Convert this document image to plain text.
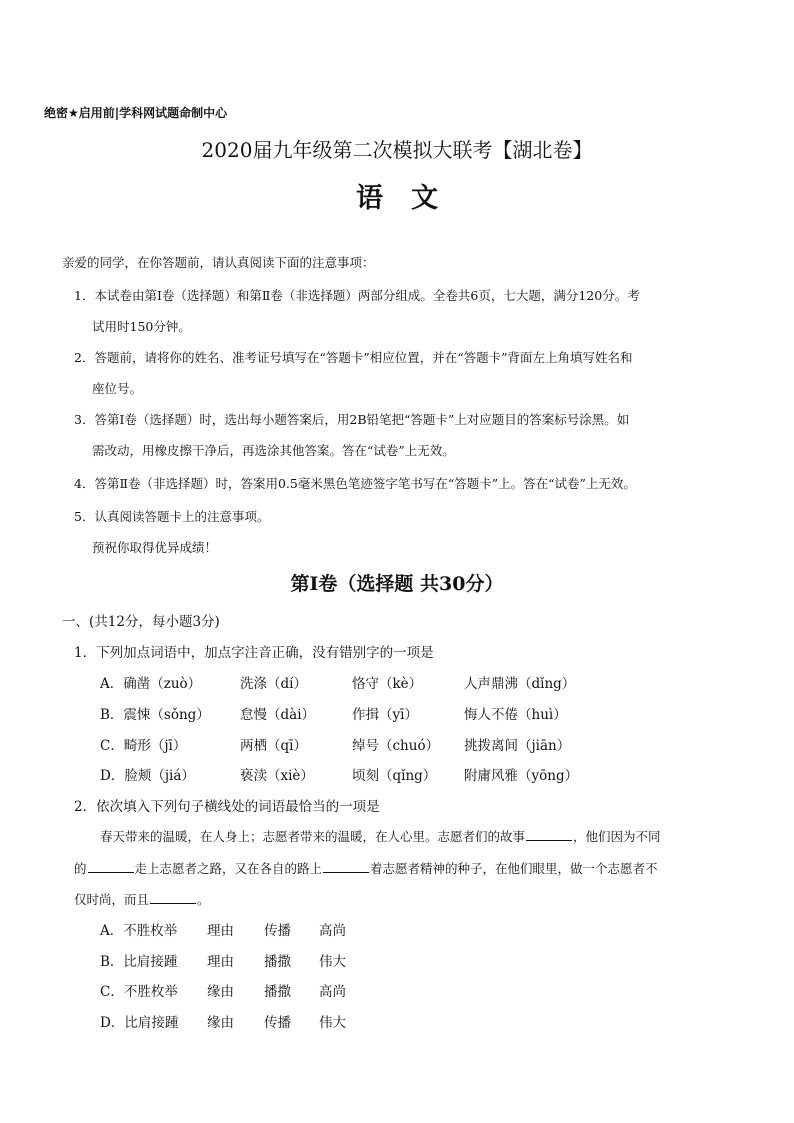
绝密★启用前|学科网试题命制中心
2020届九年级第二次模拟大联考【湖北卷】
语文
亲爱的同学，在你答题前，请认真阅读下面的注意事项：
1．本试卷由第Ⅰ卷（选择题）和第Ⅱ卷（非选择题）两部分组成。全卷共6页，七大题，满分120分。考
试用时150分钟。
2．答题前，请将你的姓名、准考证号填写在“答题卡”相应位置，并在“答题卡”背面左上角填写姓名和
座位号。
3．答第Ⅰ卷（选择题）时，选出每小题答案后，用2B铅笔把“答题卡”上对应题目的答案标号涂黑。如
需改动，用橡皮擦干净后，再选涂其他答案。答在“试卷”上无效。
4．答第Ⅱ卷（非选择题）时，答案用0.5毫米黑色笔迹签字笔书写在“答题卡”上。答在“试卷”上无效。
5．认真阅读答题卡上的注意事项。
预祝你取得优异成绩！
第Ⅰ卷（选择题 共30分）
一、(共12分，每小题3分)
1．下列加点词语中，加点字注音正确，没有错别字的一项是
A．确凿（zuò）	洗涤（dí）	恪守（kè）	人声鼎沸（dǐng）
B．震悚（sǒng） 怠慢（dài）	作揖（yī）	悔人不倦（huì）
C．畸形（jī）	两栖（qī）	绰号（chuó） 挑拨离间（jiān）
D．脸颊（jiá）	亵渎（xiè）	顷刻（qǐng） 附庸风雅（yōng）
2．依次填入下列句子横线处的词语最恰当的一项是
春天带来的温暖，在人身上；志愿者带来的温暖，在人心里。志愿者们的故事	，他们因为不同
的	走上志愿者之路，又在各自的路上	着志愿者精神的种子，在他们眼里，做一个志愿者不
仅时尚，而且	。
A．不胜枚举 理由 传播 高尚
B．比肩接踵 理由 播撒 伟大
C．不胜枚举 缘由 播撒 高尚
D．比肩接踵 缘由 传播 伟大
